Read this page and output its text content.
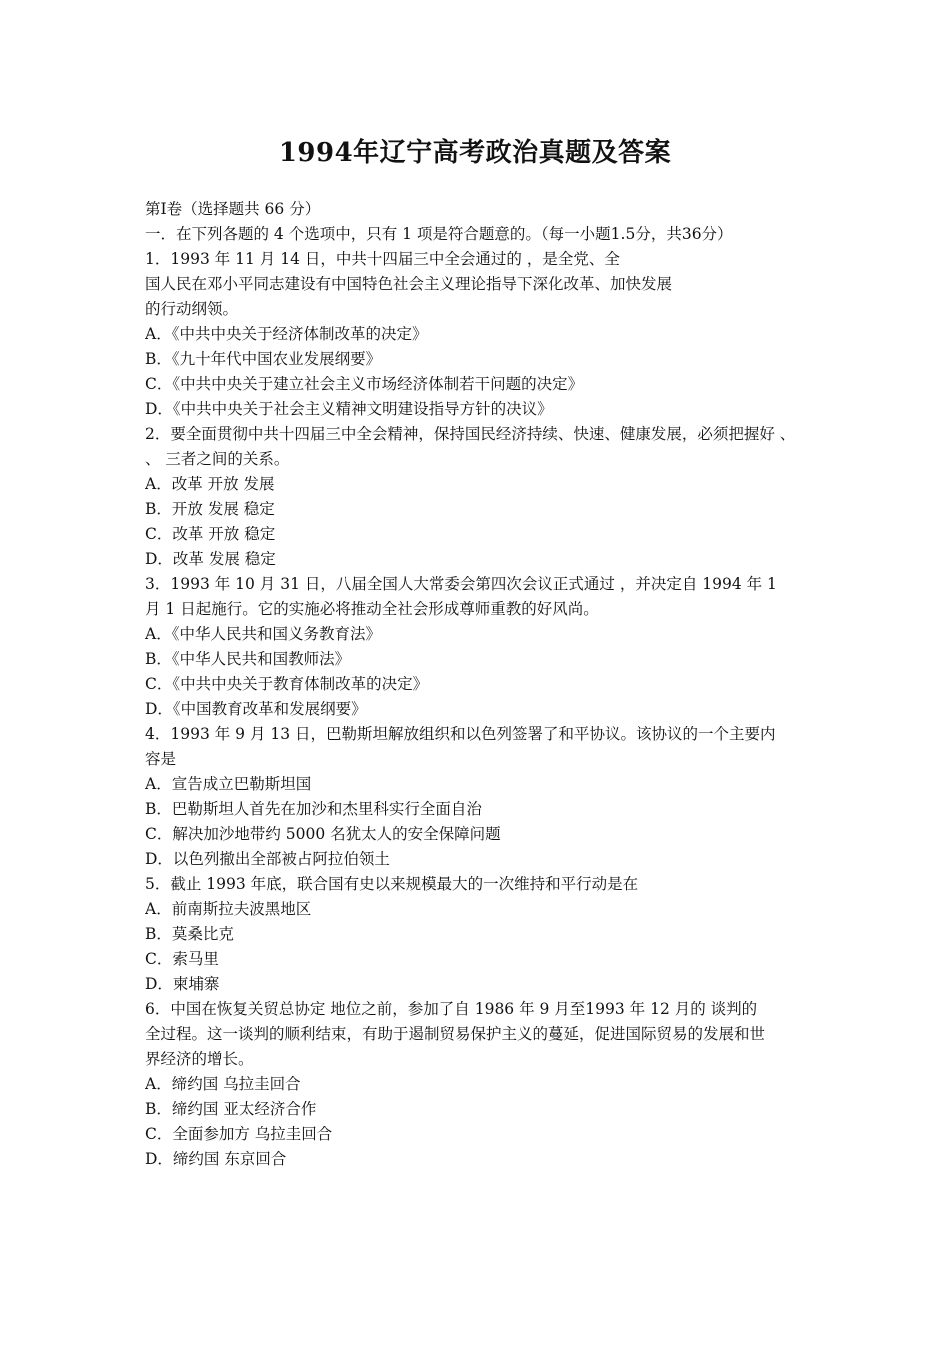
1994年辽宁高考政治真题及答案
第Ⅰ卷（选择题共 66 分）
一．在下列各题的 4 个选项中，只有 1 项是符合题意的。（每一小题1.5分，共36分）
1．1993 年 11 月 14 日，中共十四届三中全会通过的 ，是全党、全
国人民在邓小平同志建设有中国特色社会主义理论指导下深化改革、加快发展
的行动纲领。
A．《中共中央关于经济体制改革的决定》
B．《九十年代中国农业发展纲要》
C．《中共中央关于建立社会主义市场经济体制若干问题的决定》
D．《中共中央关于社会主义精神文明建设指导方针的决议》
2．要全面贯彻中共十四届三中全会精神，保持国民经济持续、快速、健康发展，必须把握好 、
、 三者之间的关系。
A．改革 开放 发展
B．开放 发展 稳定
C．改革 开放 稳定
D．改革 发展 稳定
3．1993 年 10 月 31 日，八届全国人大常委会第四次会议正式通过 ，并决定自 1994 年 1
月 1 日起施行。它的实施必将推动全社会形成尊师重教的好风尚。
A．《中华人民共和国义务教育法》
B．《中华人民共和国教师法》
C．《中共中央关于教育体制改革的决定》
D．《中国教育改革和发展纲要》
4．1993 年 9 月 13 日，巴勒斯坦解放组织和以色列签署了和平协议。该协议的一个主要内
容是
A．宣告成立巴勒斯坦国
B．巴勒斯坦人首先在加沙和杰里科实行全面自治
C．解决加沙地带约 5000 名犹太人的安全保障问题
D．以色列撤出全部被占阿拉伯领土
5．截止 1993 年底，联合国有史以来规模最大的一次维持和平行动是在
A．前南斯拉夫波黑地区
B．莫桑比克
C．索马里
D．柬埔寨
6．中国在恢复关贸总协定 地位之前，参加了自 1986 年 9 月至1993 年 12 月的 谈判的
全过程。这一谈判的顺利结束，有助于遏制贸易保护主义的蔓延，促进国际贸易的发展和世
界经济的增长。
A．缔约国 乌拉圭回合
B．缔约国 亚太经济合作
C．全面参加方 乌拉圭回合
D．缔约国 东京回合
